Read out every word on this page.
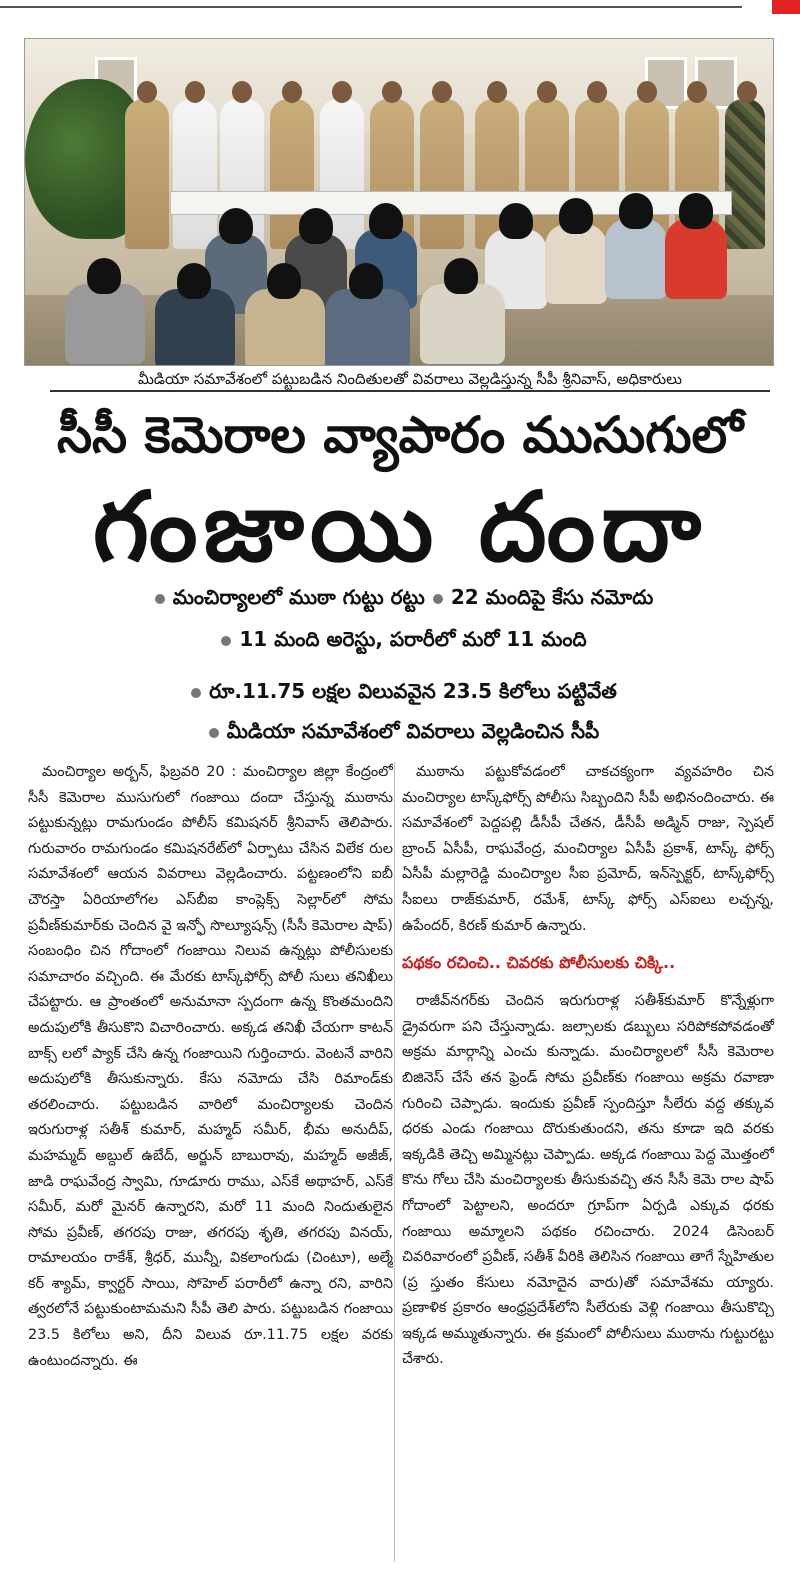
మీడియా సమావేశంలో పట్టుబడిన నిందితులతో వివరాలు వెల్లడిస్తున్న సీపీ శ్రీనివాస్, అధికారులు
సీసీ కెమెరాల వ్యాపారం ముసుగులో
గంజాయి దందా
మంచిర్యాలలో ముఠా గుట్టు రట్టు 22 మందిపై కేసు నమోదు
11 మంది అరెస్టు, పరారీలో మరో 11 మంది
రూ.11.75 లక్షల విలువవైన 23.5 కిలోలు పట్టివేత
మీడియా సమావేశంలో వివరాలు వెల్లడించిన సీపీ

మంచిర్యాల అర్బన్, ఫిబ్రవరి 20 : మంచిర్యాల జిల్లా కేంద్రంలో సీసీ కెమెరాల ముసుగులో గంజాయి దందా చేస్తున్న ముఠాను పట్టుకున్నట్లు రామగుండం పోలీస్ కమిషనర్ శ్రీనివాస్ తెలిపారు. గురువారం రామగుండం కమిషనరేట్‌లో ఏర్పాటు చేసిన విలేక రుల సమావేశంలో ఆయన వివరాలు వెల్లడించారు. పట్టణంలోని ఐబీ చౌరస్తా ఏరియాలోగల ఎస్‌బీఐ కాంప్లెక్స్ సెల్లార్‌లో సోమ ప్రవీణ్‌కుమార్‌కు చెందిన వై ఇన్ఫో సొల్యూషన్స్ (సీసీ కెమెరాల షాప్) సంబంధిం చిన గోదాంలో గంజాయి నిలువ ఉన్నట్లు పోలీసులకు సమాచారం వచ్చింది. ఈ మేరకు టాస్క్‌ఫోర్స్ పోలీ సులు తనిఖీలు చేపట్టారు. ఆ ప్రాంతంలో అనుమానా స్పదంగా ఉన్న కొంతమందిని అదుపులోకి తీసుకొని విచారించారు. అక్కడ తనిఖీ చేయగా కాటన్ బాక్స్ లలో ప్యాక్ చేసి ఉన్న గంజాయిని గుర్తించారు. వెంటనే వారిని అదుపులోకి తీసుకున్నారు. కేసు నమోదు చేసి రిమాండ్‌కు తరలించారు. పట్టుబడిన వారిలో మంచిర్యాలకు చెందిన ఇరుగురాళ్ల సతీశ్ కుమార్, మహ్మద్ సమీర్, భీమ అనుదీప్, మహమ్మద్ అబ్దుల్ ఉబేద్, అర్జున్ బాబురావు, మహ్మద్ అజీజ్, జాడి రాఘవేంద్ర స్వామి, గూడూరు రాము, ఎస్‌కే అథాహర్, ఎస్‌కే సమీర్, మరో మైనర్ ఉన్నారని, మరో 11 మంది నిందుతులైన సోమ ప్రవీణ్, తగరపు రాజు, తగరపు శృతి, తగరపు వినయ్, రామాలయం రాకేశ్, శ్రీధర్, మున్నీ, వికలాంగుడు (చింటూ), అల్మే కర్ శ్యామ్, క్వార్టర్ సాయి, సోహెల్ పరారీలో ఉన్నా రని, వారిని త్వరలోనే పట్టుకుంటామమని సీపీ తెలి పారు. పట్టుబడిన గంజాయి 23.5 కిలోలు అని, దీని విలువ రూ.11.75 లక్షల వరకు ఉంటుందన్నారు. ఈ

ముఠాను పట్టుకోవడంలో చాకచక్యంగా వ్యవహరిం చిన మంచిర్యాల టాస్క్‌ఫోర్స్ పోలీసు సిబ్బందిని సీపీ అభినందించారు. ఈ సమావేశంలో పెద్దపల్లి డీసీపీ చేతన, డీసీపీ అడ్మిన్ రాజు, స్పెషల్ బ్రాంచ్ ఏసీపీ, రాఘవేంద్ర, మంచిర్యాల ఏసీపీ ప్రకాశ్, టాస్క్ ఫోర్స్ ఏసీపీ మల్లారెడ్డి మంచిర్యాల సీఐ ప్రమోద్, ఇన్‌స్పెక్టర్, టాస్క్‌ఫోర్స్ సీఐలు రాజ్‌కుమార్, రమేశ్, టాస్క్ ఫోర్స్ ఎస్ఐలు లచ్చన్న, ఉపేందర్, కిరణ్ కుమార్ ఉన్నారు.

పథకం రచించి.. చివరకు పోలీసులకు చిక్కి..

రాజీవ్‌నగర్‌కు చెందిన ఇరుగురాళ్ల సతీశ్‌కుమార్ కొన్నేళ్లుగా డ్రైవరుగా పని చేస్తున్నాడు. జల్సాలకు డబ్బులు సరిపోకపోవడంతో అక్రమ మార్గాన్ని ఎంచు కున్నాడు. మంచిర్యాలలో సీసీ కెమెరాల బిజినెస్ చేసే తన ఫ్రెండ్ సోమ ప్రవీణ్‌కు గంజాయి అక్రమ రవాణా గురించి చెప్పాడు. ఇందుకు ప్రవీణ్ స్పందిస్తూ సీలేరు వద్ద తక్కువ ధరకు ఎండు గంజాయి దొరుకుతుందని, తను కూడా ఇది వరకు ఇక్కడికి తెచ్చి అమ్మినట్లు చెప్పాడు. అక్కడ గంజాయి పెద్ద మొత్తంలో కొను గోలు చేసి మంచిర్యాలకు తీసుకువచ్చి తన సీసీ కెమె రాల షాప్ గోదాంలో పెట్టాలని, అందరూ గ్రూప్‌గా ఏర్పడి ఎక్కువ ధరకు గంజాయి అమ్మాలని పథకం రచించారు. 2024 డిసెంబర్ చివరివారంలో ప్రవీణ్, సతీశ్ వీరికి తెలిసిన గంజాయి తాగే స్నేహితుల (ప్ర స్తుతం కేసులు నమోదైన వారు)తో సమావేశమ య్యారు. ప్రణాళిక ప్రకారం ఆంధ్రప్రదేశ్‌లోని సీలేరుకు వెళ్లి గంజాయి తీసుకొచ్చి ఇక్కడ అమ్ముతున్నారు. ఈ క్రమంలో పోలీసులు ముఠాను గుట్టురట్టు చేశారు.
